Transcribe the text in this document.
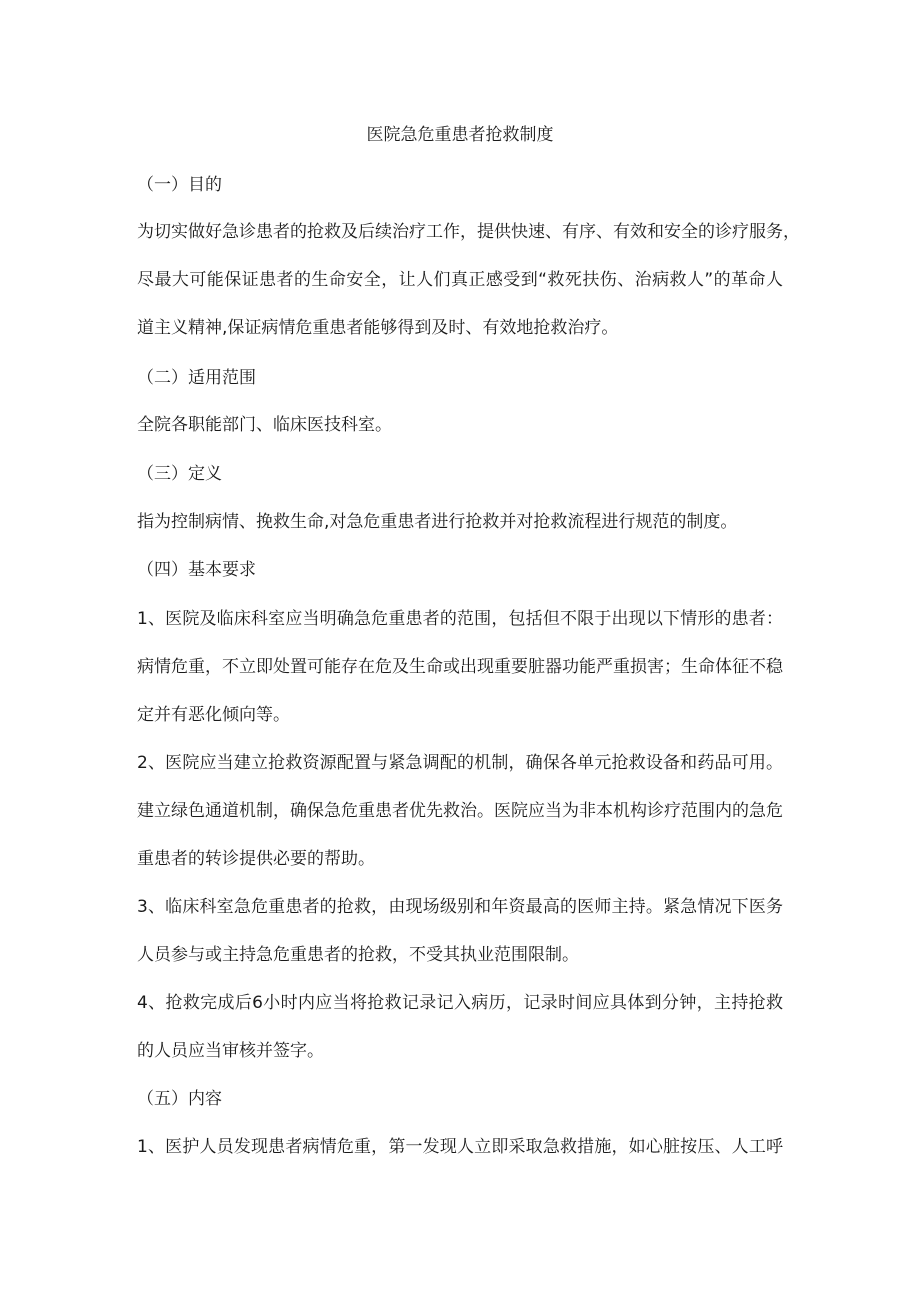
医院急危重患者抢救制度

（一）目的

为切实做好急诊患者的抢救及后续治疗工作，提供快速、有序、有效和安全的诊疗服务，

尽最大可能保证患者的生命安全，让人们真正感受到“救死扶伤、治病救人”的革命人

道主义精神,保证病情危重患者能够得到及时、有效地抢救治疗。

（二）适用范围

全院各职能部门、临床医技科室。

（三）定义

指为控制病情、挽救生命,对急危重患者进行抢救并对抢救流程进行规范的制度。

（四）基本要求

1、医院及临床科室应当明确急危重患者的范围，包括但不限于出现以下情形的患者：

病情危重，不立即处置可能存在危及生命或出现重要脏器功能严重损害；生命体征不稳

定并有恶化倾向等。

2、医院应当建立抢救资源配置与紧急调配的机制，确保各单元抢救设备和药品可用。

建立绿色通道机制，确保急危重患者优先救治。医院应当为非本机构诊疗范围内的急危

重患者的转诊提供必要的帮助。

3、临床科室急危重患者的抢救，由现场级别和年资最高的医师主持。紧急情况下医务

人员参与或主持急危重患者的抢救，不受其执业范围限制。

4、抢救完成后6小时内应当将抢救记录记入病历，记录时间应具体到分钟，主持抢救

的人员应当审核并签字。

（五）内容

1、医护人员发现患者病情危重，第一发现人立即采取急救措施，如心脏按压、人工呼
